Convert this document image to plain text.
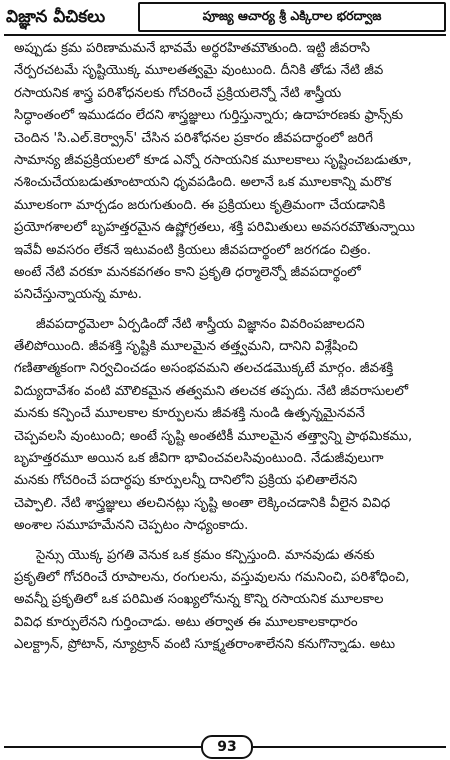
విజ్ఞాన వీచికలు	పూజ్య ఆచార్య శ్రీ ఎక్కిరాల భరద్వాజ
అప్పుడు క్రమ పరిణామమనే భావమే అర్థరహితమౌతుంది. ఇట్టి జీవరాసి
నేర్పరచటమే సృష్టియొక్క మూలతత్వమై వుంటుంది. దీనికి తోడు నేటి జీవ
రసాయనిక శాస్త్ర పరిశోధనలకు గోచరించే ప్రక్రియలెన్నో నేటి శాస్త్రీయ
సిద్ధాంతంలో ఇముడదం లేదని శాస్త్రజ్ఞులు గుర్తిస్తున్నారు; ఉదాహరణకు ఫ్రాన్స్‌కు
చెందిన 'సి.ఎల్.కెర్వ్రాన్' చేసిన పరిశోధనల ప్రకారం జీవపదార్థంలో జరిగే
సామాన్య జీవప్రక్రియలలో కూడ ఎన్నో రసాయనిక మూలకాలు సృష్టించబడుతూ,
నశించుచేయబడుతూంటాయని ధృవపడింది. అలానే ఒక మూలకాన్ని మరొక
మూలకంగా మార్చడం జరుగుతుంది. ఈ ప్రక్రియలు కృత్రిమంగా చేయడానికి
ప్రయోగశాలలో బృహత్తరమైన ఉష్ణోగ్రతలు, శక్తి పరిమితులు అవసరమౌతున్నాయి
ఇవేవీ అవసరం లేకనే ఇటువంటి క్రియలు జీవపదార్థంలో జరగడం చిత్రం.
అంటే నేటి వరకూ మనకవగతం కాని ప్రకృతి ధర్మాలెన్నో జీవపదార్థంలో
పనిచేస్తున్నాయన్న మాట.
జీవపదార్థమెలా ఏర్పడిందో నేటి శాస్త్రీయ విజ్ఞానం వివరింపజాలదని
తేలిపోయింది. జీవశక్తి సృష్టికి మూలమైన తత్త్వమని, దానిని విశ్లేషించి
గణితాత్మకంగా నిర్వచించడం అసంభవమని తలచడమొక్కటే మార్గం. జీవశక్తి
విద్యుదావేశం వంటి మౌలికమైన తత్వమని తలచక తప్పదు. నేటి జీవరాసులలో
మనకు కన్పించే మూలకాల కూర్పులను జీవశక్తి నుండి ఉత్పన్నమైనవనే
చెప్పవలసి వుంటుంది; అంటే సృష్టి అంతటికీ మూలమైన తత్త్వాన్ని ప్రాథమికము,
బృహత్తరమూ అయిన ఒక జీవిగా భావించవలసివుంటుంది. నేడుజీవులుగా
మనకు గోచరించే పదార్థపు కూర్పులన్నీ దానిలోని ప్రక్రియ ఫలితాలేనని
చెప్పాలి. నేటి శాస్త్రజ్ఞులు తలచినట్లు సృష్టి అంతా లెక్కించడానికి వీలైన వివిధ
అంశాల సమూహమేనని చెప్పటం సాధ్యంకాదు.
సైన్సు యొక్క ప్రగతి వెనుక ఒక క్రమం కన్పిస్తుంది. మానవుడు తనకు
ప్రకృతిలో గోచరించే రూపాలను, రంగులను, వస్తువులను గమనించి, పరిశోధించి,
అవన్నీ ప్రకృతిలో ఒక పరిమిత సంఖ్యలోనున్న కొన్ని రసాయనిక మూలకాల
వివిధ కూర్పులేనని గుర్తించాడు. అటు తర్వాత ఈ మూలకాలకాధారం
ఎలక్ట్రాన్, ప్రోటాన్, న్యూట్రాన్ వంటి సూక్ష్మతరాంశాలేనని కనుగొన్నాడు. అటు
93
